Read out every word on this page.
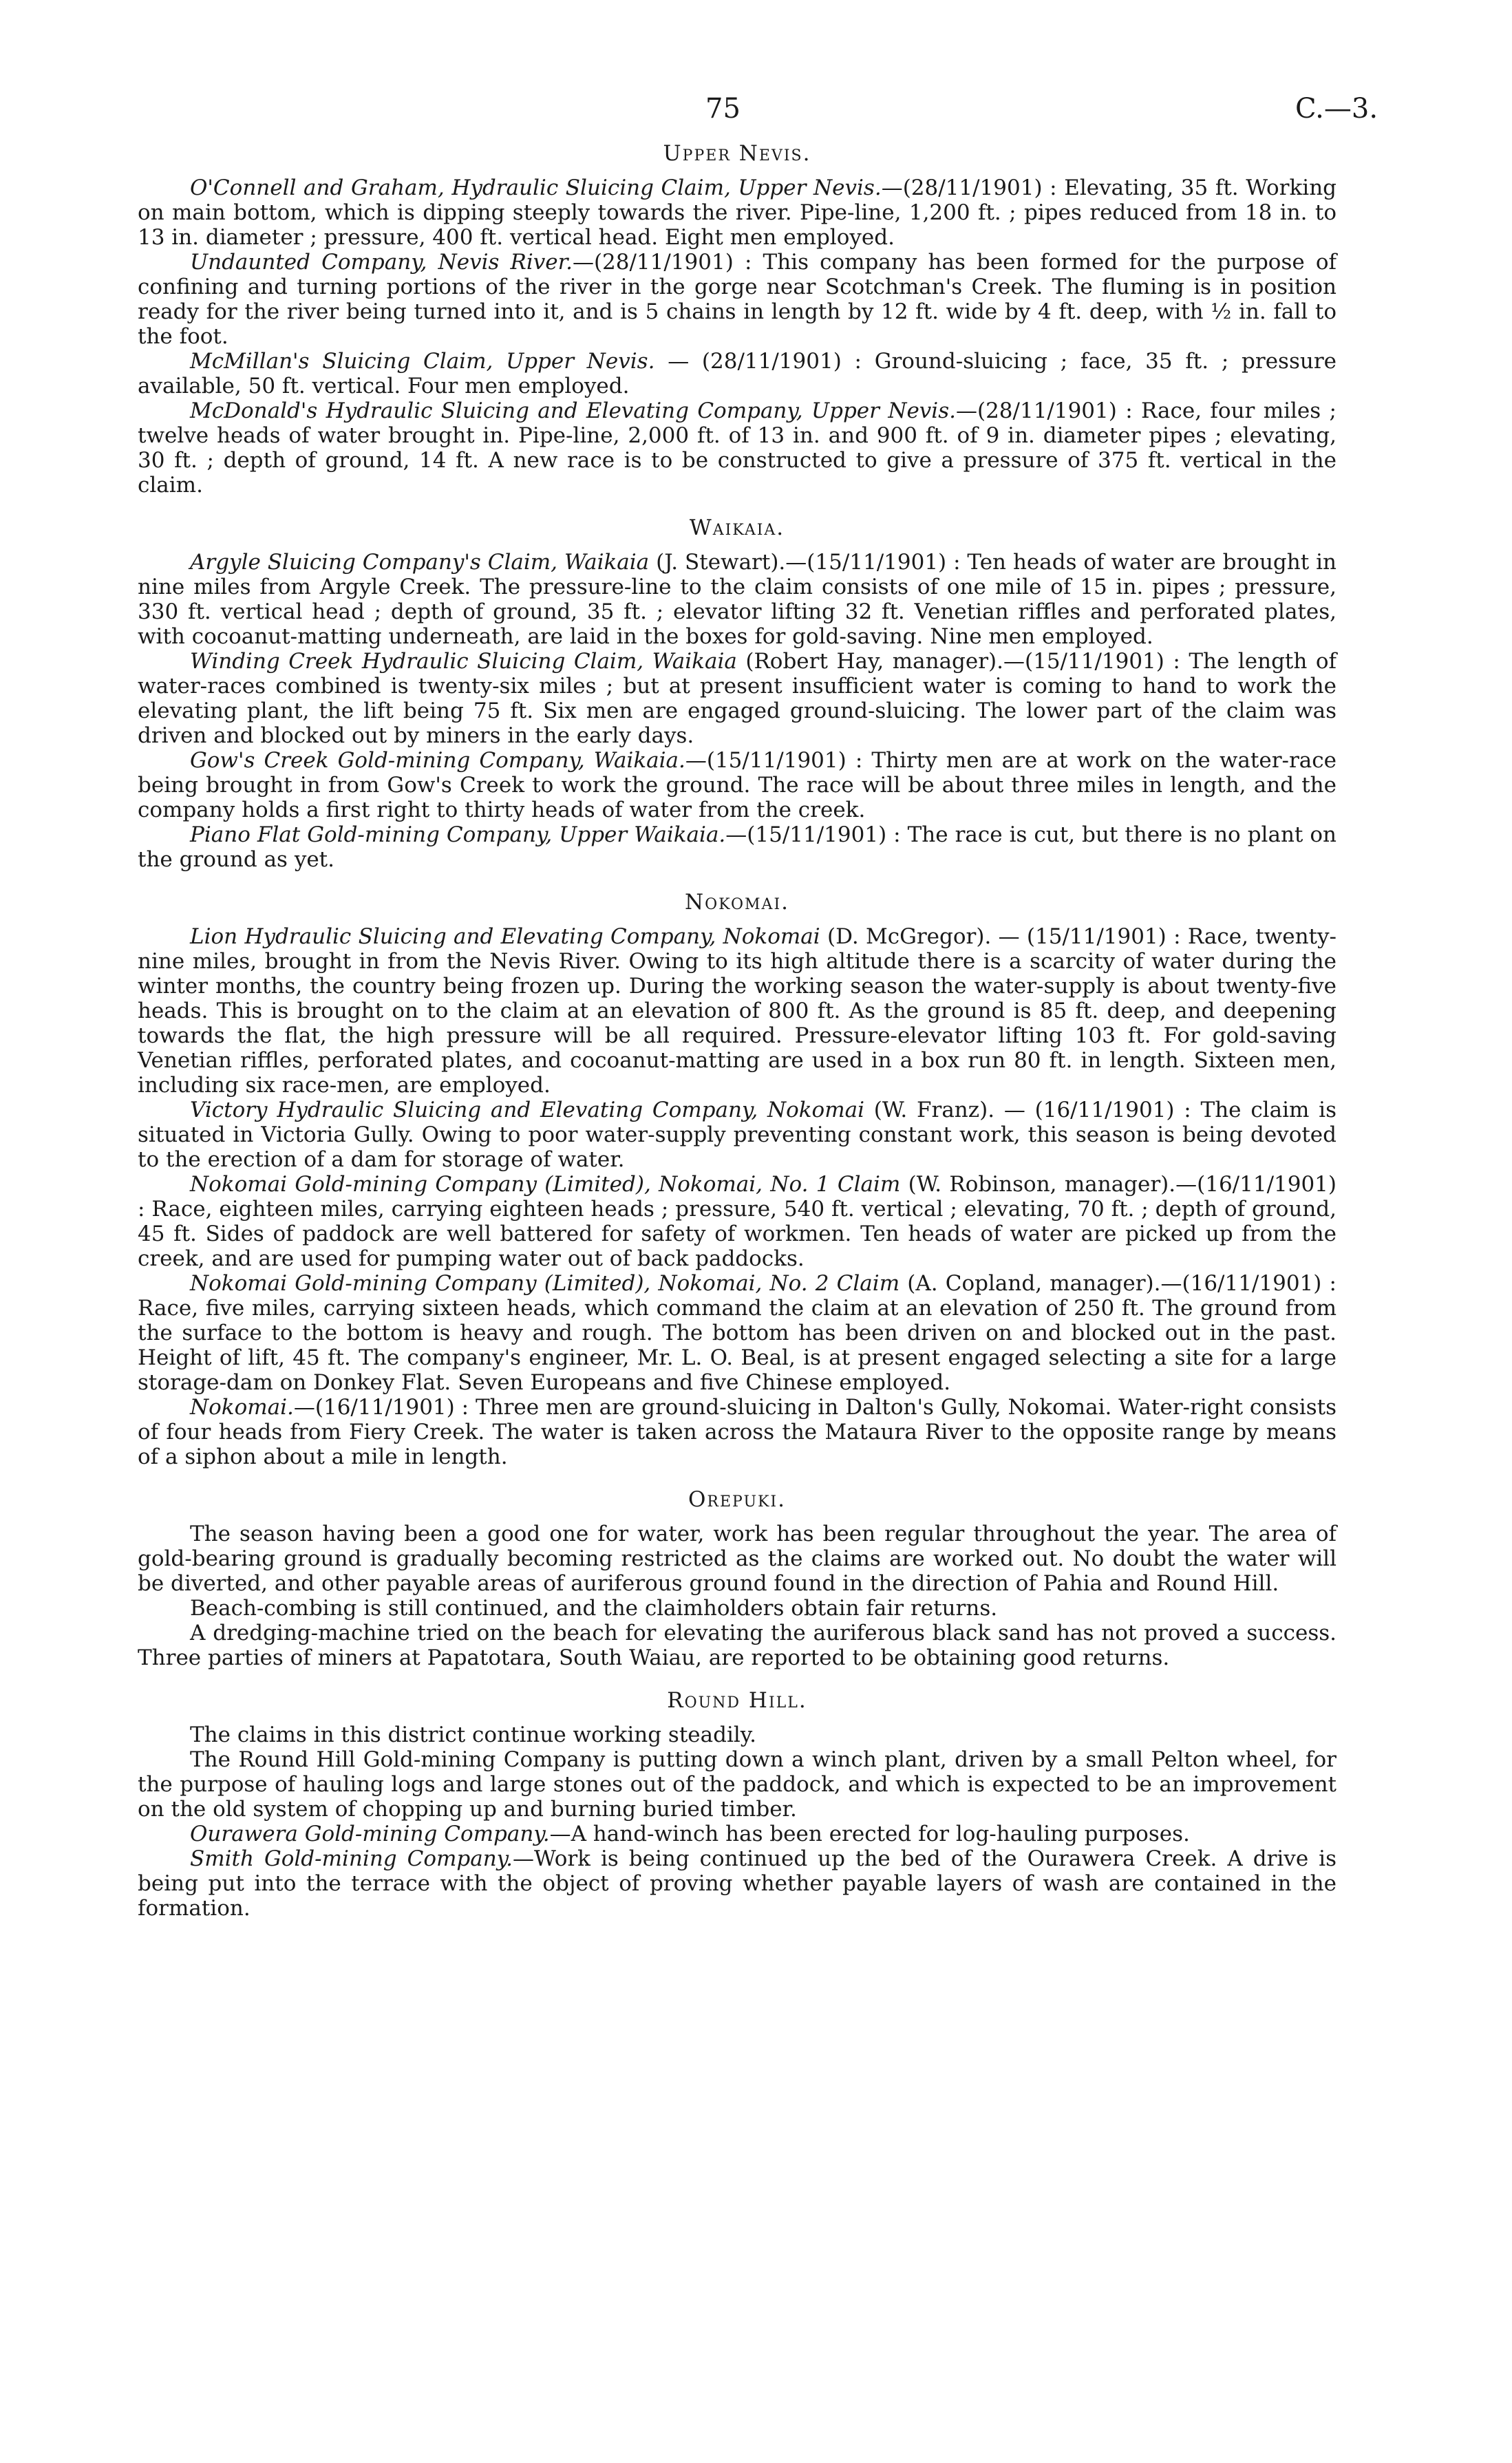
75	C.—3.
Upper Nevis.

O'Connell and Graham, Hydraulic Sluicing Claim, Upper Nevis.—(28/11/1901) : Elevating, 35 ft. Working on main bottom, which is dipping steeply towards the river. Pipe-line, 1,200 ft. ; pipes reduced from 18 in. to 13 in. diameter ; pressure, 400 ft. vertical head. Eight men employed.

Undaunted Company, Nevis River.—(28/11/1901) : This company has been formed for the purpose of confining and turning portions of the river in the gorge near Scotchman's Creek. The fluming is in position ready for the river being turned into it, and is 5 chains in length by 12 ft. wide by 4 ft. deep, with ½ in. fall to the foot.

McMillan's Sluicing Claim, Upper Nevis. — (28/11/1901) : Ground-sluicing ; face, 35 ft. ; pressure available, 50 ft. vertical. Four men employed.

McDonald's Hydraulic Sluicing and Elevating Company, Upper Nevis.—(28/11/1901) : Race, four miles ; twelve heads of water brought in. Pipe-line, 2,000 ft. of 13 in. and 900 ft. of 9 in. diameter pipes ; elevating, 30 ft. ; depth of ground, 14 ft. A new race is to be constructed to give a pressure of 375 ft. vertical in the claim.

Waikaia.

Argyle Sluicing Company's Claim, Waikaia (J. Stewart).—(15/11/1901) : Ten heads of water are brought in nine miles from Argyle Creek. The pressure-line to the claim consists of one mile of 15 in. pipes ; pressure, 330 ft. vertical head ; depth of ground, 35 ft. ; elevator lifting 32 ft. Venetian riffles and perforated plates, with cocoanut-matting underneath, are laid in the boxes for gold-saving. Nine men employed.

Winding Creek Hydraulic Sluicing Claim, Waikaia (Robert Hay, manager).—(15/11/1901) : The length of water-races combined is twenty-six miles ; but at present insufficient water is coming to hand to work the elevating plant, the lift being 75 ft. Six men are engaged ground-sluicing. The lower part of the claim was driven and blocked out by miners in the early days.

Gow's Creek Gold-mining Company, Waikaia.—(15/11/1901) : Thirty men are at work on the water-race being brought in from Gow's Creek to work the ground. The race will be about three miles in length, and the company holds a first right to thirty heads of water from the creek.

Piano Flat Gold-mining Company, Upper Waikaia.—(15/11/1901) : The race is cut, but there is no plant on the ground as yet.

Nokomai.

Lion Hydraulic Sluicing and Elevating Company, Nokomai (D. McGregor). — (15/11/1901) : Race, twenty-nine miles, brought in from the Nevis River. Owing to its high altitude there is a scarcity of water during the winter months, the country being frozen up. During the working season the water-supply is about twenty-five heads. This is brought on to the claim at an elevation of 800 ft. As the ground is 85 ft. deep, and deepening towards the flat, the high pressure will be all required. Pressure-elevator lifting 103 ft. For gold-saving Venetian riffles, perforated plates, and cocoanut-matting are used in a box run 80 ft. in length. Sixteen men, including six race-men, are employed.

Victory Hydraulic Sluicing and Elevating Company, Nokomai (W. Franz). — (16/11/1901) : The claim is situated in Victoria Gully. Owing to poor water-supply preventing constant work, this season is being devoted to the erection of a dam for storage of water.

Nokomai Gold-mining Company (Limited), Nokomai, No. 1 Claim (W. Robinson, manager).—(16/11/1901) : Race, eighteen miles, carrying eighteen heads ; pressure, 540 ft. vertical ; elevating, 70 ft. ; depth of ground, 45 ft. Sides of paddock are well battered for safety of workmen. Ten heads of water are picked up from the creek, and are used for pumping water out of back paddocks.

Nokomai Gold-mining Company (Limited), Nokomai, No. 2 Claim (A. Copland, manager).—(16/11/1901) : Race, five miles, carrying sixteen heads, which command the claim at an elevation of 250 ft. The ground from the surface to the bottom is heavy and rough. The bottom has been driven on and blocked out in the past. Height of lift, 45 ft. The company's engineer, Mr. L. O. Beal, is at present engaged selecting a site for a large storage-dam on Donkey Flat. Seven Europeans and five Chinese employed.

Nokomai.—(16/11/1901) : Three men are ground-sluicing in Dalton's Gully, Nokomai. Water-right consists of four heads from Fiery Creek. The water is taken across the Mataura River to the opposite range by means of a siphon about a mile in length.

Orepuki.

The season having been a good one for water, work has been regular throughout the year. The area of gold-bearing ground is gradually becoming restricted as the claims are worked out. No doubt the water will be diverted, and other payable areas of auriferous ground found in the direction of Pahia and Round Hill.

Beach-combing is still continued, and the claimholders obtain fair returns.

A dredging-machine tried on the beach for elevating the auriferous black sand has not proved a success. Three parties of miners at Papatotara, South Waiau, are reported to be obtaining good returns.

Round Hill.

The claims in this district continue working steadily.

The Round Hill Gold-mining Company is putting down a winch plant, driven by a small Pelton wheel, for the purpose of hauling logs and large stones out of the paddock, and which is expected to be an improvement on the old system of chopping up and burning buried timber.

Ourawera Gold-mining Company.—A hand-winch has been erected for log-hauling purposes.

Smith Gold-mining Company.—Work is being continued up the bed of the Ourawera Creek. A drive is being put into the terrace with the object of proving whether payable layers of wash are contained in the formation.
